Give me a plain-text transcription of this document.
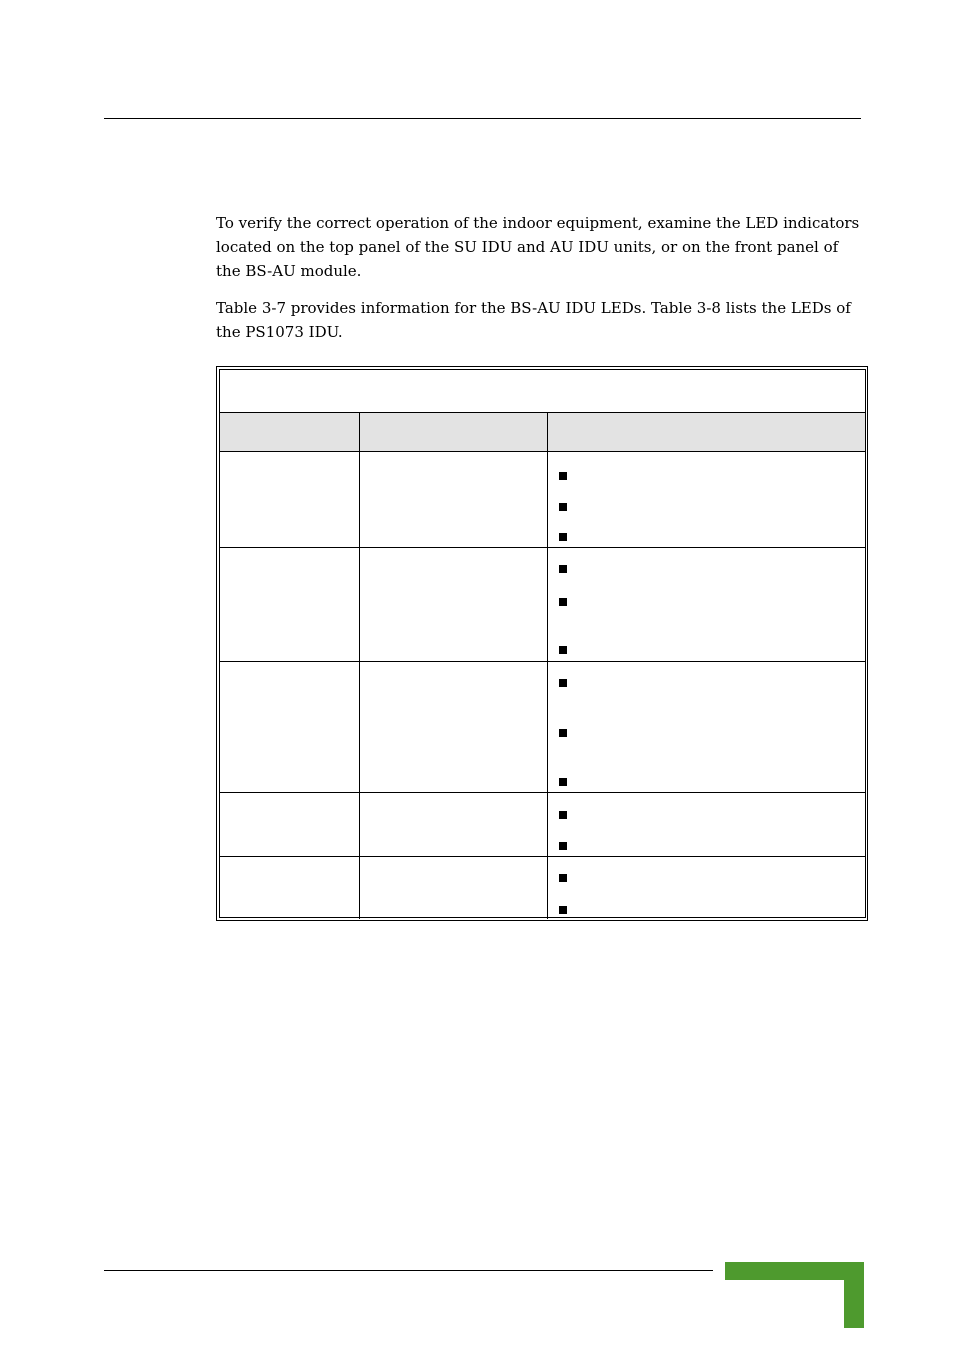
To verify the correct operation of the indoor equipment, examine the LED indicators located on the top panel of the SU IDU and AU IDU units, or on the front panel of the BS-AU module.

Table 3-7 provides information for the BS-AU IDU LEDs. Table 3-8 lists the LEDs of the PS1073 IDU.
